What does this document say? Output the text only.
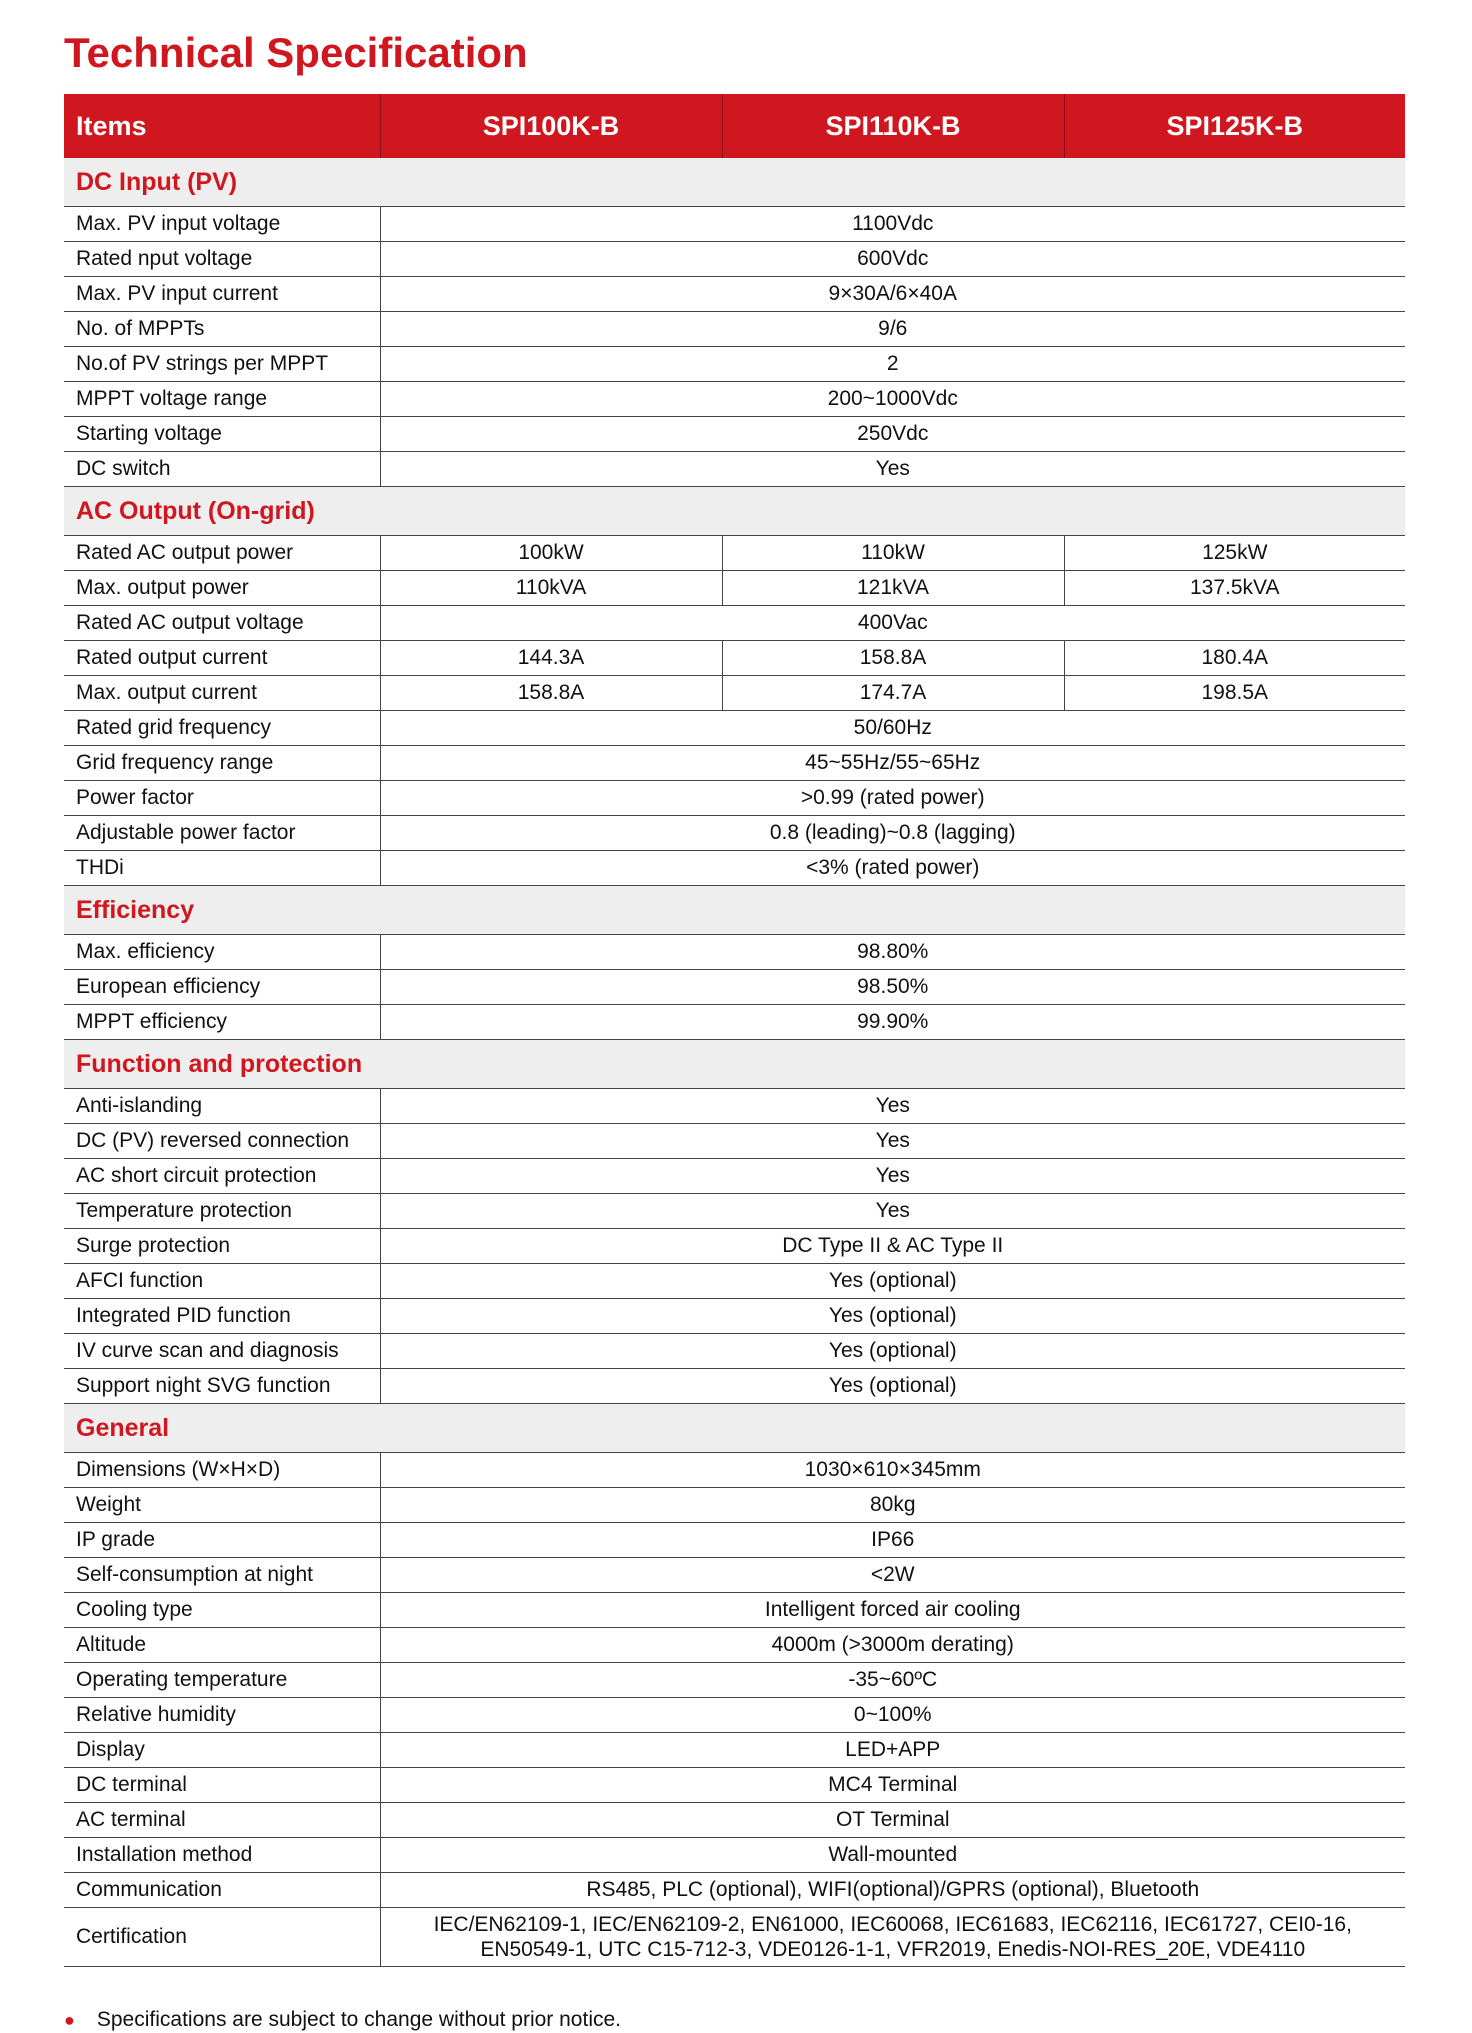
Technical Specification
Items	SPI100K-B	SPI110K-B	SPI125K-B
DC Input (PV)			
Max. PV input voltage	1100Vdc		
Rated nput voltage	600Vdc		
Max. PV input current	9×30A/6×40A		
No. of MPPTs	9/6		
No.of PV strings per MPPT	2		
MPPT voltage range	200~1000Vdc		
Starting voltage	250Vdc		
DC switch	Yes		
AC Output (On-grid)			
Rated AC output power	100kW	110kW	125kW
Max. output power	110kVA	121kVA	137.5kVA
Rated AC output voltage	400Vac		
Rated output current	144.3A	158.8A	180.4A
Max. output current	158.8A	174.7A	198.5A
Rated grid frequency	50/60Hz		
Grid frequency range	45~55Hz/55~65Hz		
Power factor	>0.99 (rated power)		
Adjustable power factor	0.8 (leading)~0.8 (lagging)		
THDi	<3% (rated power)		
Efficiency			
Max. efficiency	98.80%		
European efficiency	98.50%		
MPPT efficiency	99.90%		
Function and protection			
Anti-islanding	Yes		
DC (PV) reversed connection	Yes		
AC short circuit protection	Yes		
Temperature protection	Yes		
Surge protection	DC Type II & AC Type II		
AFCI function	Yes (optional)		
Integrated PID function	Yes (optional)		
IV curve scan and diagnosis	Yes (optional)		
Support night SVG function	Yes (optional)		
General			
Dimensions (W×H×D)	1030×610×345mm		
Weight	80kg		
IP grade	IP66		
Self-consumption at night	<2W		
Cooling type	Intelligent forced air cooling		
Altitude	4000m (>3000m derating)		
Operating temperature	-35~60ºC		
Relative humidity	0~100%		
Display	LED+APP		
DC terminal	MC4 Terminal		
AC terminal	OT Terminal		
Installation method	Wall-mounted		
Communication	RS485, PLC (optional), WIFI(optional)/GPRS (optional), Bluetooth		
Certification	IEC/EN62109-1, IEC/EN62109-2, EN61000, IEC60068, IEC61683, IEC62116, IEC61727, CEI0-16, EN50549-1, UTC C15-712-3, VDE0126-1-1, VFR2019, Enedis-NOI-RES_20E, VDE4110		

● Specifications are subject to change without prior notice.
